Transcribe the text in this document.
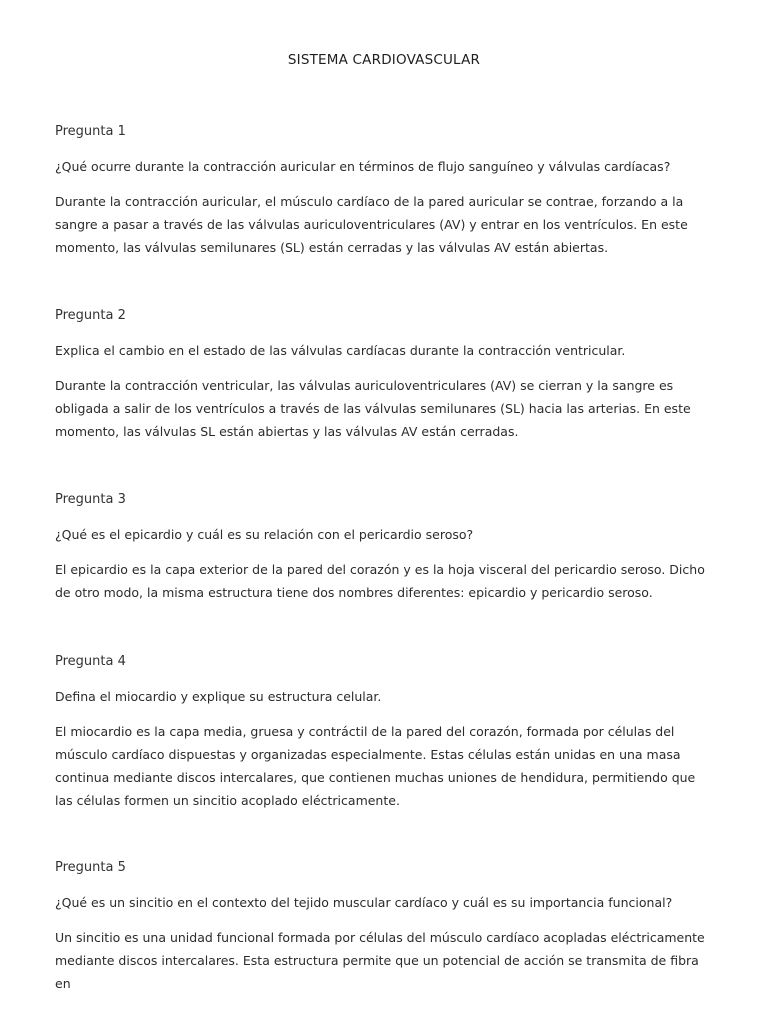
SISTEMA CARDIOVASCULAR

Pregunta 1

¿Qué ocurre durante la contracción auricular en términos de flujo sanguíneo y válvulas cardíacas?

Durante la contracción auricular, el músculo cardíaco de la pared auricular se contrae, forzando a la sangre a pasar a través de las válvulas auriculoventriculares (AV) y entrar en los ventrículos. En este momento, las válvulas semilunares (SL) están cerradas y las válvulas AV están abiertas.

Pregunta 2

Explica el cambio en el estado de las válvulas cardíacas durante la contracción ventricular.

Durante la contracción ventricular, las válvulas auriculoventriculares (AV) se cierran y la sangre es obligada a salir de los ventrículos a través de las válvulas semilunares (SL) hacia las arterias. En este momento, las válvulas SL están abiertas y las válvulas AV están cerradas.

Pregunta 3

¿Qué es el epicardio y cuál es su relación con el pericardio seroso?

El epicardio es la capa exterior de la pared del corazón y es la hoja visceral del pericardio seroso. Dicho de otro modo, la misma estructura tiene dos nombres diferentes: epicardio y pericardio seroso.

Pregunta 4

Defina el miocardio y explique su estructura celular.

El miocardio es la capa media, gruesa y contráctil de la pared del corazón, formada por células del músculo cardíaco dispuestas y organizadas especialmente. Estas células están unidas en una masa continua mediante discos intercalares, que contienen muchas uniones de hendidura, permitiendo que las células formen un sincitio acoplado eléctricamente.

Pregunta 5

¿Qué es un sincitio en el contexto del tejido muscular cardíaco y cuál es su importancia funcional?

Un sincitio es una unidad funcional formada por células del músculo cardíaco acopladas eléctricamente mediante discos intercalares. Esta estructura permite que un potencial de acción se transmita de fibra en
